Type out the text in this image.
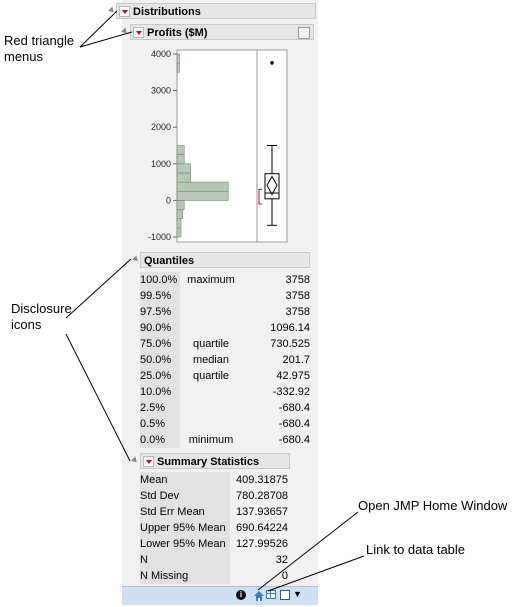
Distributions
Profits ($M)
4000
3000
2000
1000
0
-1000
Quantiles
100.0% maximum	3758
99.5%	3758
97.5%	3758
90.0%	1096.14
75.0%	quartile	730.525
50.0%	median	201.7
25.0%	quartile	42.975
10.0%	-332.92
2.5%	-680.4
0.5%	-680.4
0.0%	minimum	-680.4
Summary Statistics
Mean	409.31875
Std Dev	780.28708
Std Err Mean	137.93657
Upper 95% Mean 690.64224
Lower 95% Mean 127.99526
N	32
N Missing	0
i	▼
Red triangle
menus
Disclosure
icons
Open JMP Home Window
Link to data table
